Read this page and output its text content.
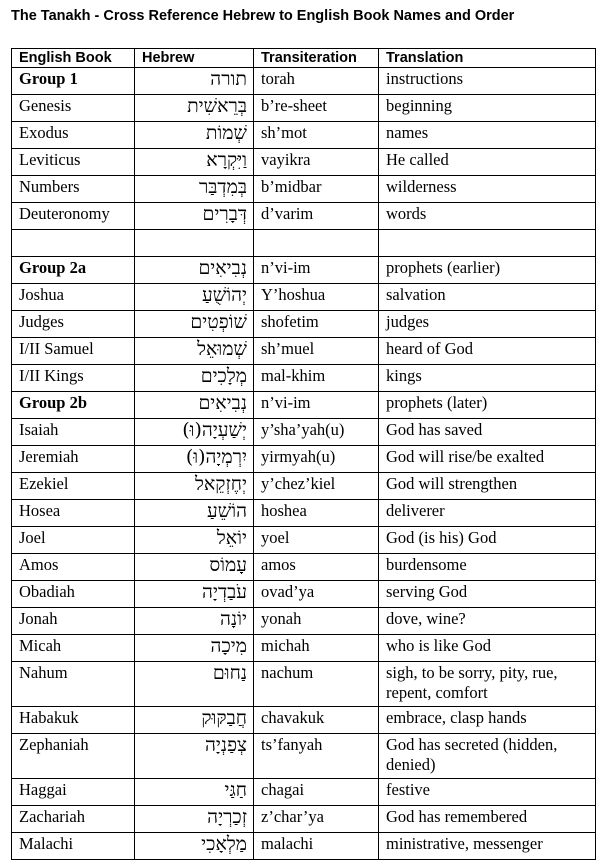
The Tanakh - Cross Reference Hebrew to English Book Names and Order
English Book	Hebrew	Transiteration	Translation
Group 1	תורה	torah	instructions
Genesis	בְּרֵאשִׁית	b’re-sheet	beginning
Exodus	שְׁמוֹת	sh’mot	names
Leviticus	וַיִּקְרָא	vayikra	He called
Numbers	בְּמִדְבַּר	b’midbar	wilderness
Deuteronomy	דְּבָרִים	d’varim	words

Group 2a	נְבִיאִים	n’vi-im	prophets (earlier)
Joshua	יְהוֹשֻׁעַ	Y’hoshua	salvation
Judges	שׁוֹפְטִים	shofetim	judges
I/II Samuel	שְׁמוּאֵל	sh’muel	heard of God
I/II Kings	מְלָכִים	mal-khim	kings
Group 2b	נְבִיאִים	n’vi-im	prophets (later)
Isaiah	יְשַׁעְיָה(וּ)	y’sha’yah(u)	God has saved
Jeremiah	יִרְמְיָה(וּ)	yirmyah(u)	God will rise/be exalted
Ezekiel	יְחֶזְקֵאל	y’chez’kiel	God will strengthen
Hosea	הוֹשֵׁעַ	hoshea	deliverer
Joel	יוֹאֵל	yoel	God (is his) God
Amos	עָמוֹס	amos	burdensome
Obadiah	עֹבַדְיָה	ovad’ya	serving God
Jonah	יוֹנָה	yonah	dove, wine?
Micah	מִיכָה	michah	who is like God
Nahum	נַחוּם	nachum	sigh, to be sorry, pity, rue, repent, comfort
Habakuk	חֲבַקּוּק	chavakuk	embrace, clasp hands
Zephaniah	צְפַנְיָה	ts’fanyah	God has secreted (hidden, denied)
Haggai	חַגַּי	chagai	festive
Zachariah	זְכַרְיָה	z’char’ya	God has remembered
Malachi	מַלְאָכִי	malachi	ministrative, messenger
